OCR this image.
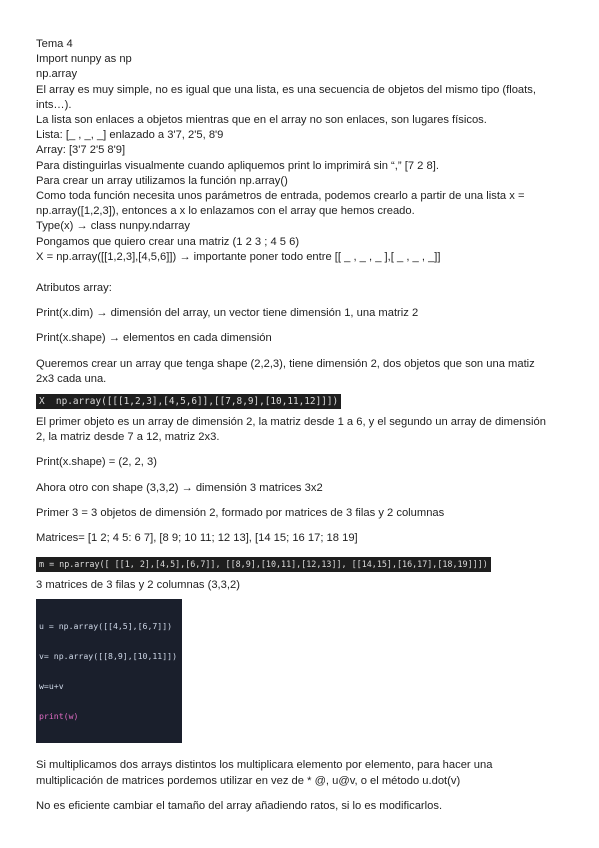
Tema 4
Import nunpy as np
np.array
El array es muy simple, no es igual que una lista, es una secuencia de objetos del mismo tipo (floats,
ints…).
La lista son enlaces a objetos mientras que en el array no son enlaces, son lugares físicos.
Lista: [_ , _, _] enlazado a 3'7, 2'5, 8'9
Array: [3'7 2'5 8'9]
Para distinguirlas visualmente cuando apliquemos print lo imprimirá sin “,” [7 2 8].
Para crear un array utilizamos la función np.array()
Como toda función necesita unos parámetros de entrada, podemos crearlo a partir de una lista x =
np.array([1,2,3]), entonces a x lo enlazamos con el array que hemos creado.
Type(x) → class nunpy.ndarray
Pongamos que quiero crear una matriz (1 2 3 ; 4 5 6)
X = np.array([[1,2,3],[4,5,6]]) → importante poner todo entre [[ _ , _ , _ ],[ _ , _ , _]]
Atributos array:
Print(x.dim) → dimensión del array, un vector tiene dimensión 1, una matriz 2
Print(x.shape) → elementos en cada dimensión
Queremos crear un array que tenga shape (2,2,3), tiene dimensión 2, dos objetos que son una matiz
2x3 cada una.
X  np.array([[[1,2,3],[4,5,6]],[[7,8,9],[10,11,12]]])
El primer objeto es un array de dimensión 2, la matriz desde 1 a 6, y el segundo un array de dimensión
2, la matriz desde 7 a 12, matriz 2x3.
Print(x.shape) = (2, 2, 3)
Ahora otro con shape (3,3,2) → dimensión 3 matrices 3x2
Primer 3 = 3 objetos de dimensión 2, formado por matrices de 3 filas y 2 columnas
Matrices= [1 2; 4 5: 6 7], [8 9; 10 11; 12 13], [14 15; 16 17; 18 19]
m = np.array([ [[1, 2],[4,5],[6,7]], [[8,9],[10,11],[12,13]], [[14,15],[16,17],[18,19]]])
3 matrices de 3 filas y 2 columnas (3,3,2)

u = np.array([[4,5],[6,7]])

v= np.array([[8,9],[10,11]])

w=u+v

print(w)

Si multiplicamos dos arrays distintos los multiplicara elemento por elemento, para hacer una
multiplicación de matrices pordemos utilizar en vez de * @, u@v, o el método u.dot(v)
No es eficiente cambiar el tamaño del array añadiendo ratos, si lo es modificarlos.
